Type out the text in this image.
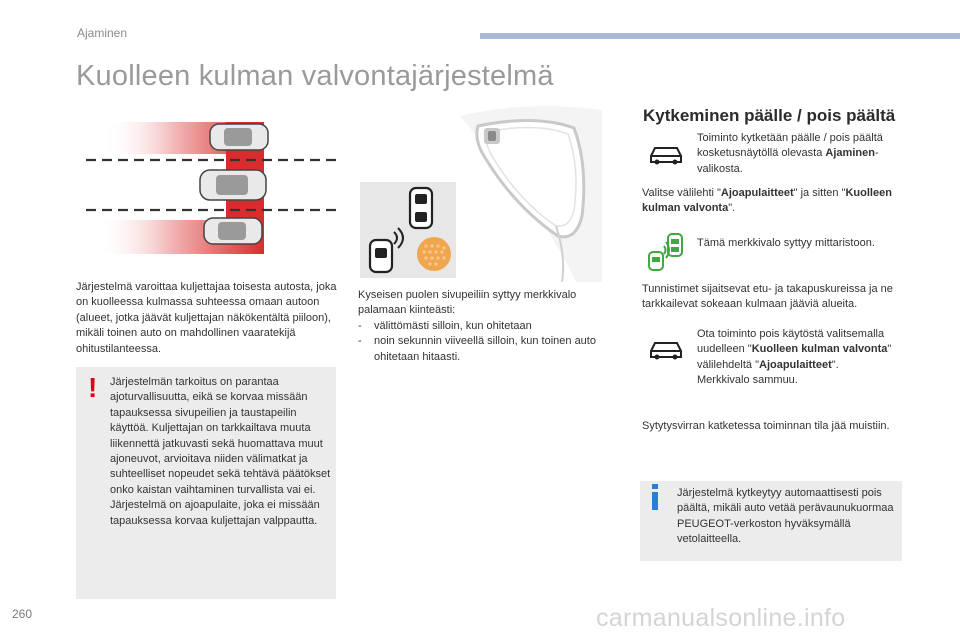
Ajaminen
Kuolleen kulman valvontajärjestelmä
Järjestelmä varoittaa kuljettajaa toisesta autosta, joka on kuolleessa kulmassa suhteessa omaan autoon (alueet, jotka jäävät kuljettajan näkökentältä piiloon), mikäli toinen auto on mahdollinen vaaratekijä ohitustilanteessa.
! Järjestelmän tarkoitus on parantaa ajoturvallisuutta, eikä se korvaa missään tapauksessa sivupeilien ja taustapeilin käyttöä. Kuljettajan on tarkkailtava muuta liikennettä jatkuvasti sekä huomattava muut ajoneuvot, arvioitava niiden välimatkat ja suhteelliset nopeudet sekä tehtävä päätökset onko kaistan vaihtaminen turvallista vai ei.

Järjestelmä on ajoapulaite, joka ei missään tapauksessa korvaa kuljettajan valppautta.

Kyseisen puolen sivupeiliin syttyy merkkivalo palamaan kiinteästi:

-	välittömästi silloin, kun ohitetaan
-	noin sekunnin viiveellä silloin, kun toinen auto ohitetaan hitaasti.
Kytkeminen päälle / pois päältä
Toiminto kytketään päälle / pois päältä kosketusnäytöllä olevasta Ajaminen-valikosta.
Valitse välilehti "Ajoapulaitteet" ja sitten "Kuolleen kulman valvonta".
Tämä merkkivalo syttyy mittaristoon.
Tunnistimet sijaitsevat etu- ja takapuskureissa ja ne tarkkailevat sokeaan kulmaan jääviä alueita.
Ota toiminto pois käytöstä valitsemalla uudelleen "Kuolleen kulman valvonta" välilehdeltä "Ajoapulaitteet".
Merkkivalo sammuu.
Sytytysvirran katketessa toiminnan tila jää muistiin.
Järjestelmä kytkeytyy automaattisesti pois päältä, mikäli auto vetää perävaunukuormaa PEUGEOT-verkoston hyväksymällä vetolaitteella.
260	carmanualsonline.info
